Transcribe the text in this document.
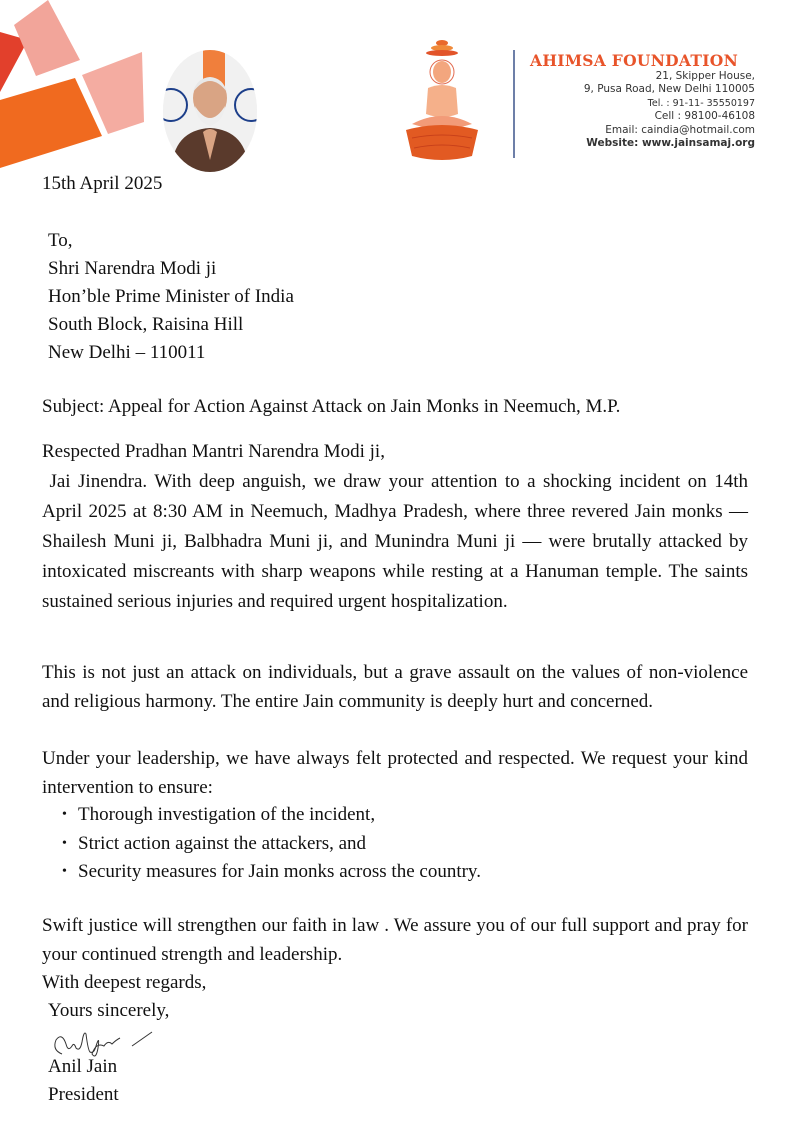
AHIMSA FOUNDATION
21, Skipper House,
9, Pusa Road, New Delhi 110005
Tel. : 91-11- 35550197
Cell : 98100-46108
Email: caindia@hotmail.com
Website: www.jainsamaj.org
15th April 2025
To,
Shri Narendra Modi ji
Hon’ble Prime Minister of India
South Block, Raisina Hill
New Delhi – 110011
Subject: Appeal for Action Against Attack on Jain Monks in Neemuch, M.P.
Respected Pradhan Mantri Narendra Modi ji,
Jai Jinendra. With deep anguish, we draw your attention to a shocking incident on 14th April 2025 at 8:30 AM in Neemuch, Madhya Pradesh, where three revered Jain monks — Shailesh Muni ji, Balbhadra Muni ji, and Munindra Muni ji — were brutally attacked by intoxicated miscreants with sharp weapons while resting at a Hanuman temple. The saints sustained serious injuries and required urgent hospitalization.
This is not just an attack on individuals, but a grave assault on the values of non-violence and religious harmony. The entire Jain community is deeply hurt and concerned.
Under your leadership, we have always felt protected and respected. We request your kind intervention to ensure:
• Thorough investigation of the incident,
• Strict action against the attackers, and
• Security measures for Jain monks across the country.
Swift justice will strengthen our faith in law . We assure you of our full support and pray for your continued strength and leadership.
With deepest regards,
Yours sincerely,
Anil Jain
President
